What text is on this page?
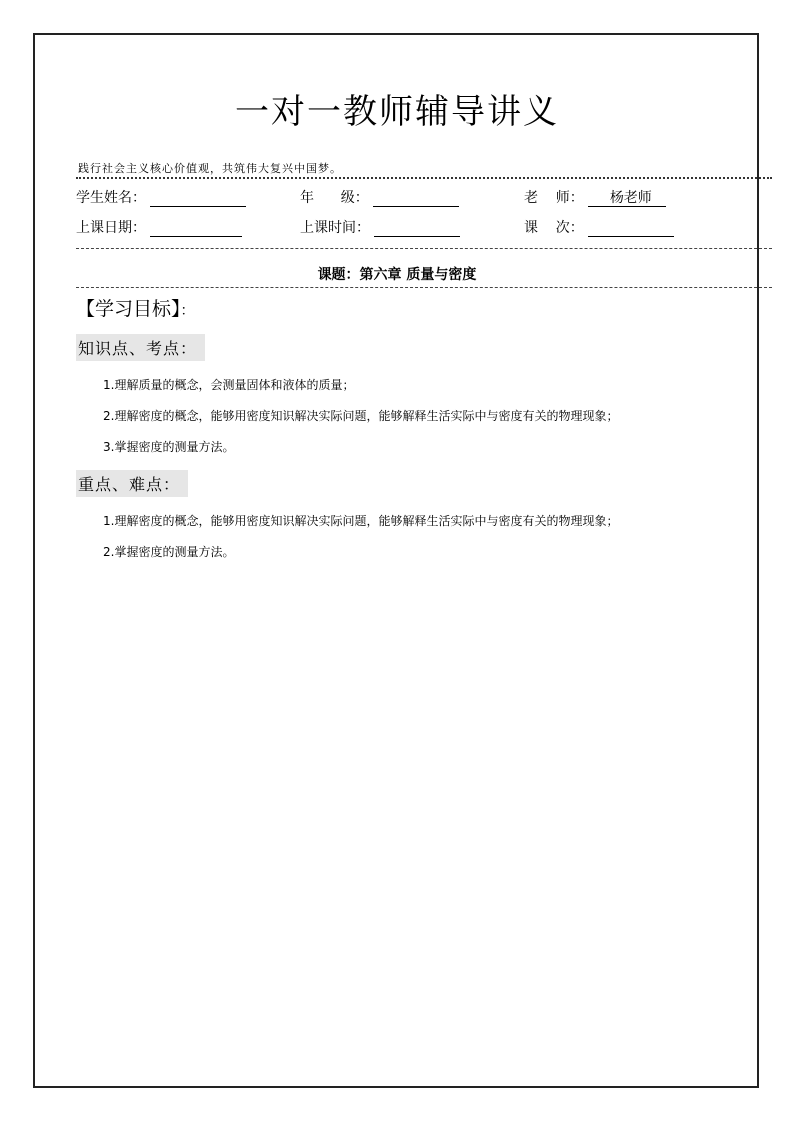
一对一教师辅导讲义
践行社会主义核心价值观，共筑伟大复兴中国梦。
学生姓名：	年      级：	老    师：	杨老师
上课日期：	上课时间：	课    次：
课题：第六章 质量与密度
【学习目标】：
知识点、考点：
1.理解质量的概念，会测量固体和液体的质量；
2.理解密度的概念，能够用密度知识解决实际问题，能够解释生活实际中与密度有关的物理现象；
3.掌握密度的测量方法。
重点、难点：
1.理解密度的概念，能够用密度知识解决实际问题，能够解释生活实际中与密度有关的物理现象；
2.掌握密度的测量方法。
